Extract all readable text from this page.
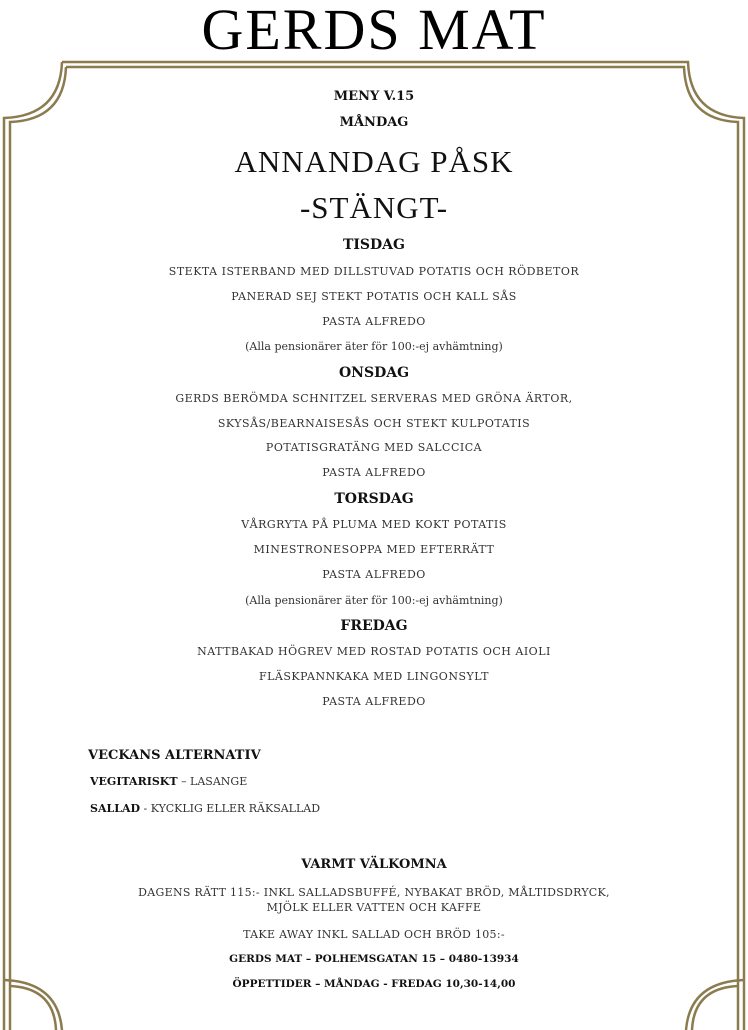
GERDS MAT
MENY V.15
MÅNDAG
ANNANDAG PÅSK
-STÄNGT-
TISDAG
STEKTA ISTERBAND MED DILLSTUVAD POTATIS OCH RÖDBETOR
PANERAD SEJ STEKT POTATIS OCH KALL SÅS
PASTA ALFREDO
(Alla pensionärer äter för 100:-ej avhämtning)
ONSDAG
GERDS BERÖMDA SCHNITZEL SERVERAS MED GRÖNA ÄRTOR,
SKYSÅS/BEARNAISESÅS OCH STEKT KULPOTATIS
POTATISGRATÄNG MED SALCCICA
PASTA ALFREDO
TORSDAG
VÅRGRYTA PÅ PLUMA MED KOKT POTATIS
MINESTRONESOPPA MED EFTERRÄTT
PASTA ALFREDO
(Alla pensionärer äter för 100:-ej avhämtning)
FREDAG
NATTBAKAD HÖGREV MED ROSTAD POTATIS OCH AIOLI
FLÄSKPANNKAKA MED LINGONSYLT
PASTA ALFREDO
VECKANS ALTERNATIV
VEGITARISKT – LASANGE
SALLAD - KYCKLIG ELLER RÄKSALLAD
VARMT VÄLKOMNA
DAGENS RÄTT 115:- INKL SALLADSBUFFÉ, NYBAKAT BRÖD, MÅLTIDSDRYCK,
MJÖLK ELLER VATTEN OCH KAFFE
TAKE AWAY INKL SALLAD OCH BRÖD 105:-
GERDS MAT – POLHEMSGATAN 15 – 0480-13934
ÖPPETTIDER – MÅNDAG - FREDAG 10,30-14,00
